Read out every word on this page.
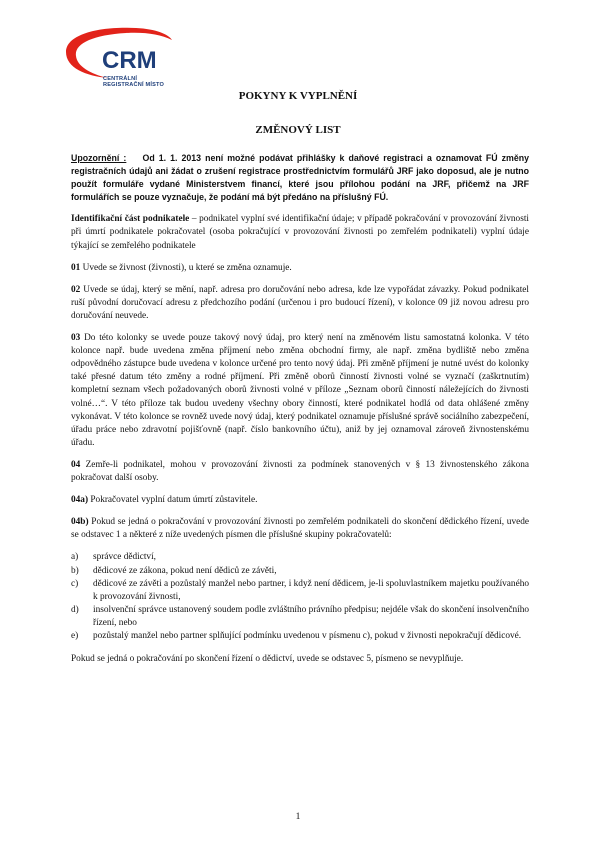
CRM
CENTRÁLNÍ
REGISTRAČNÍ MÍSTO
POKYNY K VYPLNĚNÍ
ZMĚNOVÝ LIST

Upozornění : Od 1. 1. 2013 není možné podávat přihlášky k daňové registraci a oznamovat FÚ změny registračních údajů ani žádat o zrušení registrace prostřednictvím formulářů JRF jako doposud, ale je nutno použít formuláře vydané Ministerstvem financí, které jsou přílohou podání na JRF, přičemž na JRF formulářích se pouze vyznačuje, že podání má být předáno na příslušný FÚ.

Identifikační část podnikatele – podnikatel vyplní své identifikační údaje; v případě pokračování v provozování živnosti při úmrtí podnikatele pokračovatel (osoba pokračující v provozování živnosti po zemřelém podnikateli) vyplní údaje týkající se zemřelého podnikatele

01 Uvede se živnost (živnosti), u které se změna oznamuje.

02 Uvede se údaj, který se mění, např. adresa pro doručování nebo adresa, kde lze vypořádat závazky. Pokud podnikatel ruší původní doručovací adresu z předchozího podání (určenou i pro budoucí řízení), v kolonce 09 již novou adresu pro doručování neuvede.

03 Do této kolonky se uvede pouze takový nový údaj, pro který není na změnovém listu samostatná kolonka. V této kolonce např. bude uvedena změna příjmení nebo změna obchodní firmy, ale např. změna bydliště nebo změna odpovědného zástupce bude uvedena v kolonce určené pro tento nový údaj. Při změně příjmení je nutné uvést do kolonky také přesné datum této změny a rodné příjmení. Při změně oborů činností živnosti volné se vyznačí (zaškrtnutím) kompletní seznam všech požadovaných oborů živnosti volné v příloze „Seznam oborů činností náležejících do živnosti volné…“. V této příloze tak budou uvedeny všechny obory činností, které podnikatel hodlá od data ohlášené změny vykonávat. V této kolonce se rovněž uvede nový údaj, který podnikatel oznamuje příslušné správě sociálního zabezpečení, úřadu práce nebo zdravotní pojišťovně (např. číslo bankovního účtu), aniž by jej oznamoval zároveň živnostenskému úřadu.

04 Zemře-li podnikatel, mohou v provozování živnosti za podmínek stanovených v § 13 živnostenského zákona pokračovat další osoby.

04a) Pokračovatel vyplní datum úmrtí zůstavitele.

04b) Pokud se jedná o pokračování v provozování živnosti po zemřelém podnikateli do skončení dědického řízení, uvede se odstavec 1 a některé z níže uvedených písmen dle příslušné skupiny pokračovatelů:

a) správce dědictví,
b) dědicové ze zákona, pokud není dědiců ze závěti,
c) dědicové ze závěti a pozůstalý manžel nebo partner, i když není dědicem, je-li spoluvlastníkem majetku používaného k provozování živnosti,
d) insolvenční správce ustanovený soudem podle zvláštního právního předpisu; nejdéle však do skončení insolvenčního řízení, nebo
e) pozůstalý manžel nebo partner splňující podmínku uvedenou v písmenu c), pokud v živnosti nepokračují dědicové.

Pokud se jedná o pokračování po skončení řízení o dědictví, uvede se odstavec 5, písmeno se nevyplňuje.

1
